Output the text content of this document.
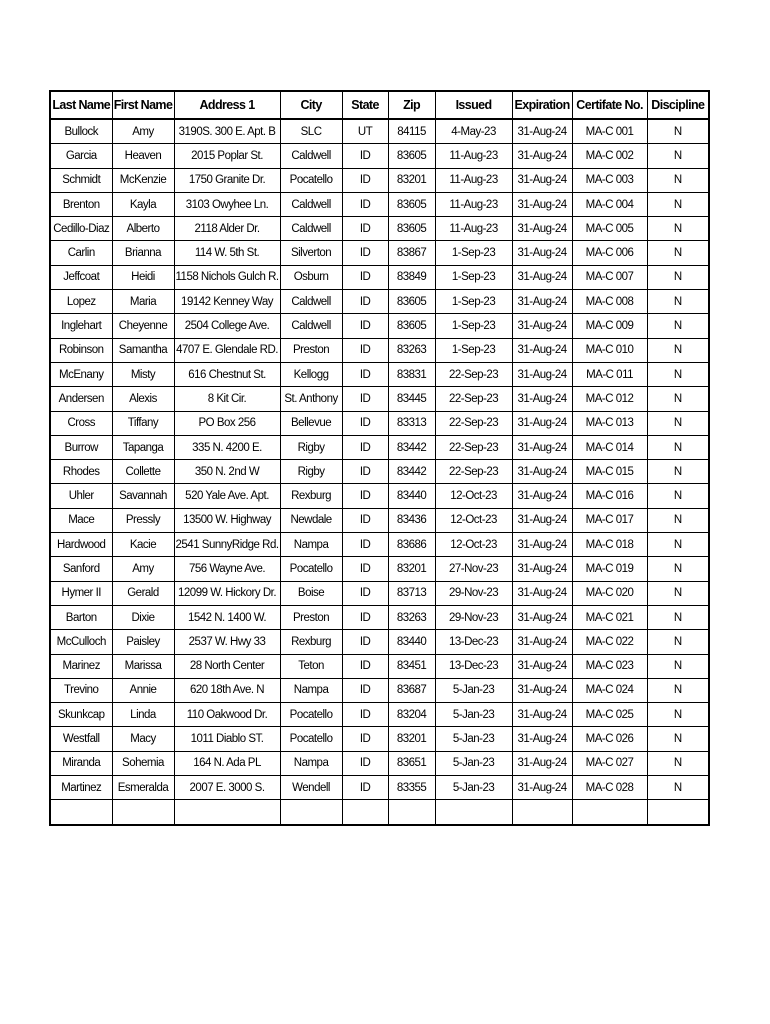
Last Name	First Name	Address 1	City	State	Zip	Issued	Expiration	Certifate No.	Discipline
Bullock	Amy	3190S. 300 E. Apt. B	SLC	UT	84115	4-May-23	31-Aug-24	MA-C 001	N
Garcia	Heaven	2015 Poplar St.	Caldwell	ID	83605	11-Aug-23	31-Aug-24	MA-C 002	N
Schmidt	McKenzie	1750 Granite Dr.	Pocatello	ID	83201	11-Aug-23	31-Aug-24	MA-C 003	N
Brenton	Kayla	3103 Owyhee Ln.	Caldwell	ID	83605	11-Aug-23	31-Aug-24	MA-C 004	N
Cedillo-Diaz	Alberto	2118 Alder Dr.	Caldwell	ID	83605	11-Aug-23	31-Aug-24	MA-C 005	N
Carlin	Brianna	114 W. 5th St.	Silverton	ID	83867	1-Sep-23	31-Aug-24	MA-C 006	N
Jeffcoat	Heidi	1158 Nichols Gulch R.	Osburn	ID	83849	1-Sep-23	31-Aug-24	MA-C 007	N
Lopez	Maria	19142 Kenney Way	Caldwell	ID	83605	1-Sep-23	31-Aug-24	MA-C 008	N
Inglehart	Cheyenne	2504 College Ave.	Caldwell	ID	83605	1-Sep-23	31-Aug-24	MA-C 009	N
Robinson	Samantha	4707 E. Glendale RD.	Preston	ID	83263	1-Sep-23	31-Aug-24	MA-C 010	N
McEnany	Misty	616 Chestnut St.	Kellogg	ID	83831	22-Sep-23	31-Aug-24	MA-C 011	N
Andersen	Alexis	8 Kit Cir.	St. Anthony	ID	83445	22-Sep-23	31-Aug-24	MA-C 012	N
Cross	Tiffany	PO Box 256	Bellevue	ID	83313	22-Sep-23	31-Aug-24	MA-C 013	N
Burrow	Tapanga	335 N. 4200 E.	Rigby	ID	83442	22-Sep-23	31-Aug-24	MA-C 014	N
Rhodes	Collette	350 N. 2nd W	Rigby	ID	83442	22-Sep-23	31-Aug-24	MA-C 015	N
Uhler	Savannah	520 Yale Ave. Apt.	Rexburg	ID	83440	12-Oct-23	31-Aug-24	MA-C 016	N
Mace	Pressly	13500 W. Highway	Newdale	ID	83436	12-Oct-23	31-Aug-24	MA-C 017	N
Hardwood	Kacie	2541 SunnyRidge Rd.	Nampa	ID	83686	12-Oct-23	31-Aug-24	MA-C 018	N
Sanford	Amy	756 Wayne Ave.	Pocatello	ID	83201	27-Nov-23	31-Aug-24	MA-C 019	N
Hymer II	Gerald	12099 W. Hickory Dr.	Boise	ID	83713	29-Nov-23	31-Aug-24	MA-C 020	N
Barton	Dixie	1542 N. 1400 W.	Preston	ID	83263	29-Nov-23	31-Aug-24	MA-C 021	N
McCulloch	Paisley	2537 W. Hwy 33	Rexburg	ID	83440	13-Dec-23	31-Aug-24	MA-C 022	N
Marinez	Marissa	28 North Center	Teton	ID	83451	13-Dec-23	31-Aug-24	MA-C 023	N
Trevino	Annie	620 18th Ave. N	Nampa	ID	83687	5-Jan-23	31-Aug-24	MA-C 024	N
Skunkcap	Linda	110 Oakwood Dr.	Pocatello	ID	83204	5-Jan-23	31-Aug-24	MA-C 025	N
Westfall	Macy	1011 Diablo ST.	Pocatello	ID	83201	5-Jan-23	31-Aug-24	MA-C 026	N
Miranda	Sohemia	164 N. Ada PL	Nampa	ID	83651	5-Jan-23	31-Aug-24	MA-C 027	N
Martinez	Esmeralda	2007 E. 3000 S.	Wendell	ID	83355	5-Jan-23	31-Aug-24	MA-C 028	N
